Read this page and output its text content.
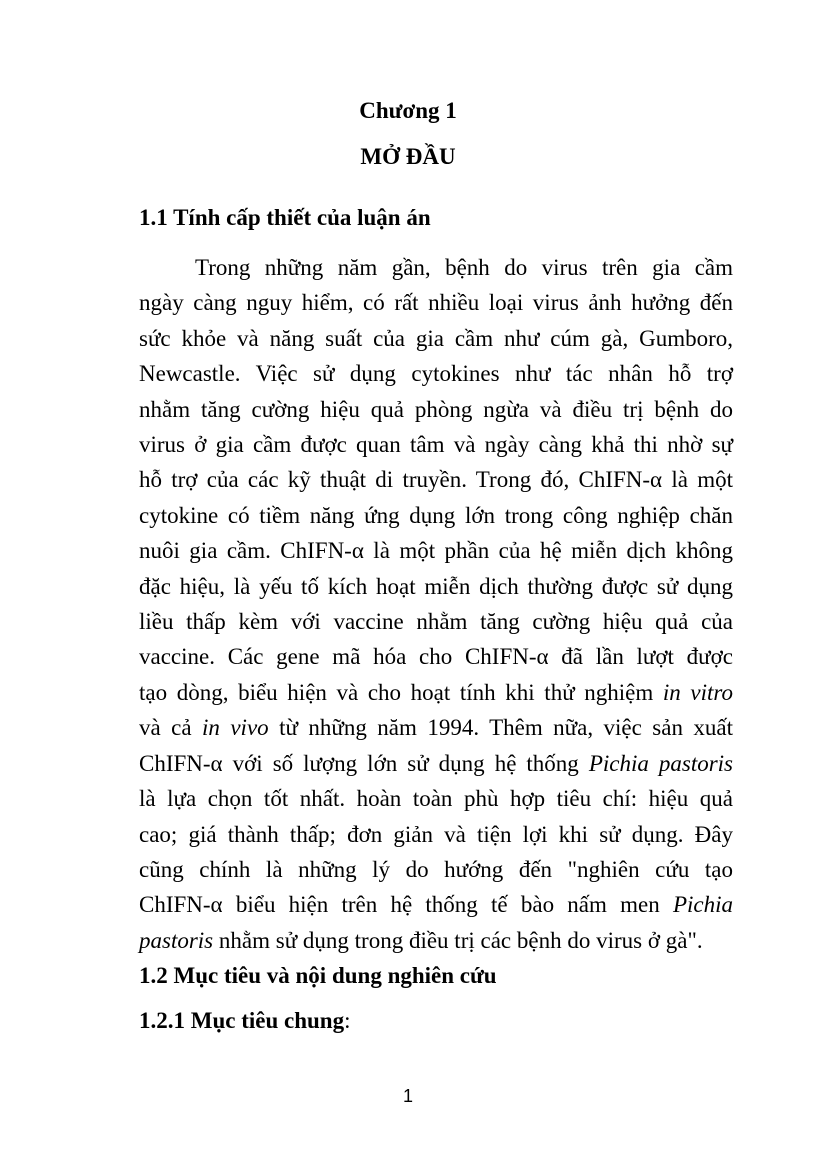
Chương 1
MỞ ĐẦU
1.1 Tính cấp thiết của luận án
Trong những năm gần, bệnh do virus trên gia cầm
ngày càng nguy hiểm, có rất nhiều loại virus ảnh hưởng đến
sức khỏe và năng suất của gia cầm như cúm gà, Gumboro,
Newcastle. Việc sử dụng cytokines như tác nhân hỗ trợ
nhằm tăng cường hiệu quả phòng ngừa và điều trị bệnh do
virus ở gia cầm được quan tâm và ngày càng khả thi nhờ sự
hỗ trợ của các kỹ thuật di truyền. Trong đó, ChIFN-α là một
cytokine có tiềm năng ứng dụng lớn trong công nghiệp chăn
nuôi gia cầm. ChIFN-α là một phần của hệ miễn dịch không
đặc hiệu, là yếu tố kích hoạt miễn dịch thường được sử dụng
liều thấp kèm với vaccine nhằm tăng cường hiệu quả của
vaccine. Các gene mã hóa cho ChIFN-α đã lần lượt được
tạo dòng, biểu hiện và cho hoạt tính khi thử nghiệm in vitro
và cả in vivo từ những năm 1994. Thêm nữa, việc sản xuất
ChIFN-α với số lượng lớn sử dụng hệ thống Pichia pastoris
là lựa chọn tốt nhất. hoàn toàn phù hợp tiêu chí: hiệu quả
cao; giá thành thấp; đơn giản và tiện lợi khi sử dụng. Đây
cũng chính là những lý do hướng đến "nghiên cứu tạo
ChIFN-α biểu hiện trên hệ thống tế bào nấm men Pichia
pastoris nhằm sử dụng trong điều trị các bệnh do virus ở gà".
1.2 Mục tiêu và nội dung nghiên cứu
1.2.1 Mục tiêu chung:
1
